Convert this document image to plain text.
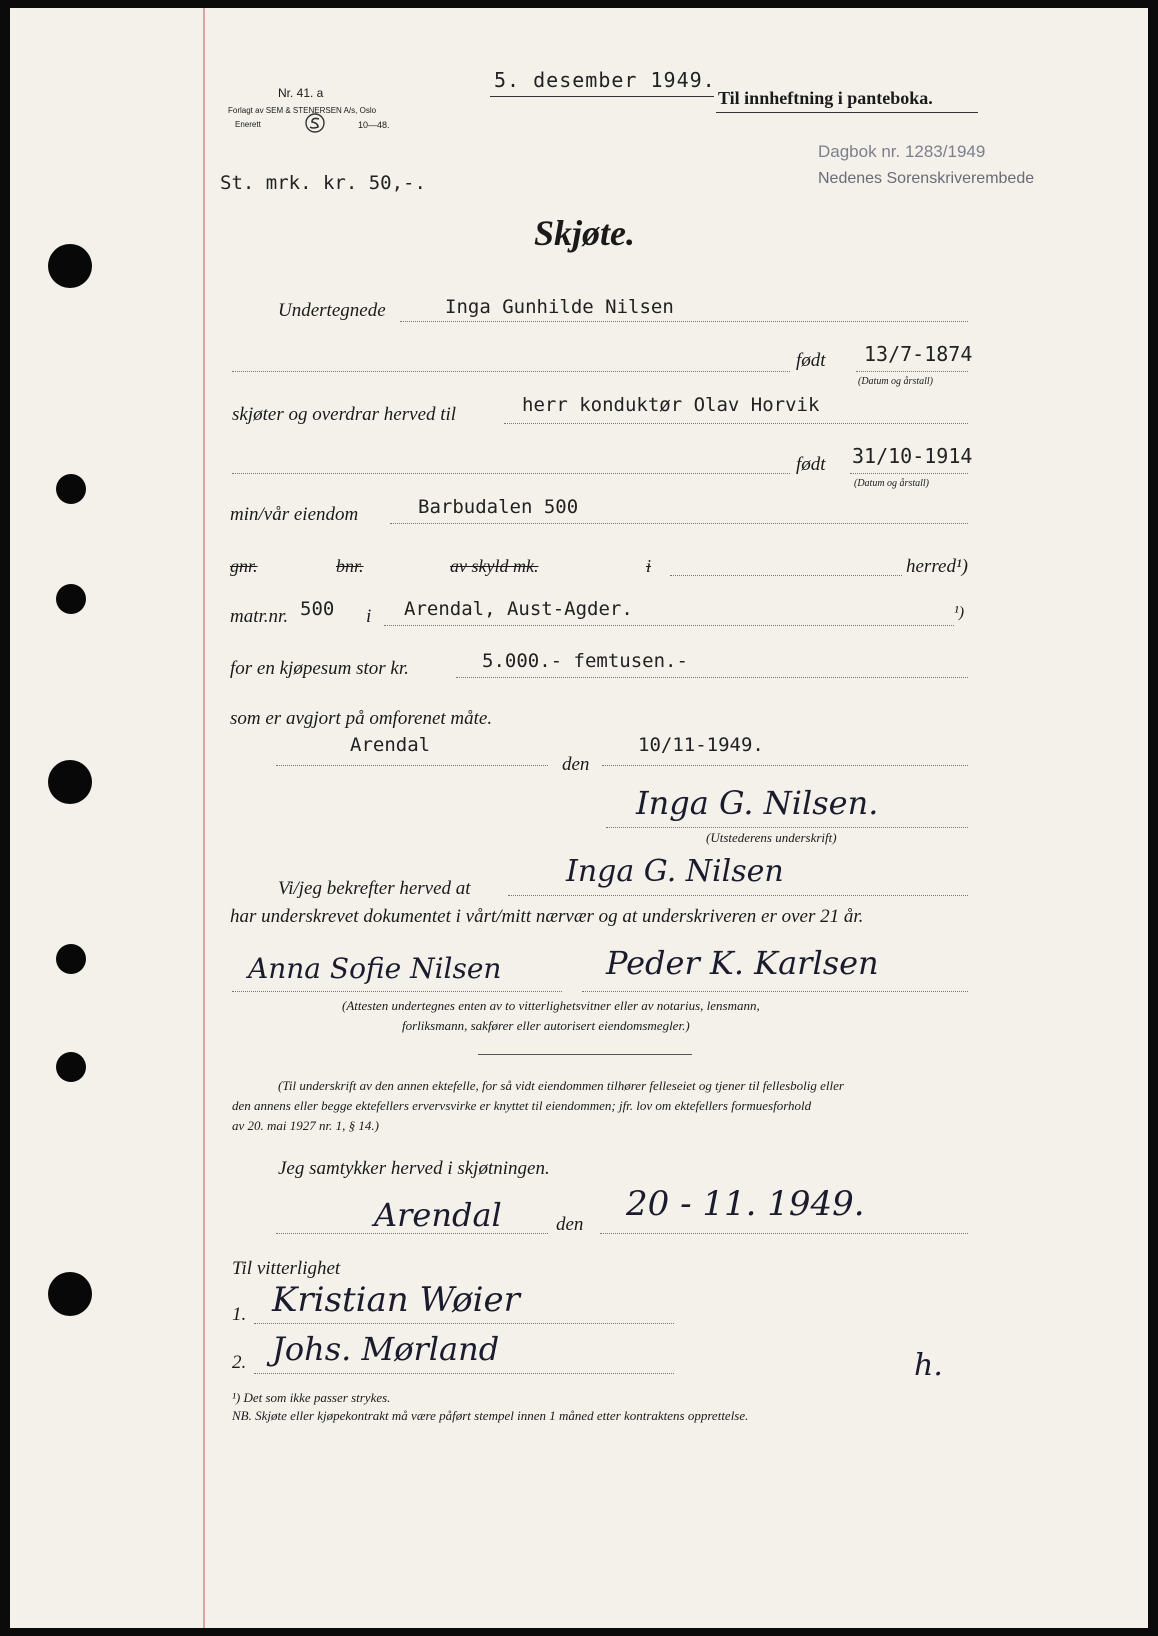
Nr. 41. a
Forlagt av SEM & STENERSEN A/s, Oslo
Enerett	10—48.
5. desember 1949.
Til innheftning i panteboka.
Dagbok nr. 1283/1949
Nedenes Sorenskriverembede
St. mrk. kr. 50,-.
Skjøte.
Undertegnede	Inga Gunhilde Nilsen
født 13/7-1874
(Datum og årstall)
skjøter og overdrar herved til	herr konduktør Olav Horvik
født 31/10-1914
(Datum og årstall)
min/vår eiendom	Barbudalen 500
gnr.	bnr.	av skyld mk.	i	herred¹)
matr.nr. 500 i Arendal, Aust-Agder.	¹)
for en kjøpesum stor kr.	5.000.- femtusen.-
som er avgjort på omforenet måte.
Arendal
den
10/11-1949.
Inga G. Nilsen.
(Utstederens underskrift)
Vi/jeg bekrefter herved at	Inga G. Nilsen
har underskrevet dokumentet i vårt/mitt nærvær og at underskriveren er over 21 år.
Anna Sofie Nilsen	Peder K. Karlsen
(Attesten undertegnes enten av to vitterlighetsvitner eller av notarius, lensmann,
forliksmann, sakfører eller autorisert eiendomsmegler.)
(Til underskrift av den annen ektefelle, for så vidt eiendommen tilhører felleseiet og tjener til fellesbolig eller
den annens eller begge ektefellers ervervsvirke er knyttet til eiendommen; jfr. lov om ektefellers formuesforhold
av 20. mai 1927 nr. 1, § 14.)
Jeg samtykker herved i skjøtningen.
Arendal	den
20 - 11. 1949.
Til vitterlighet
1. Kristian Wøier
2. Johs. Mørland	h.
¹) Det som ikke passer strykes.
NB. Skjøte eller kjøpekontrakt må være påført stempel innen 1 måned etter kontraktens opprettelse.
